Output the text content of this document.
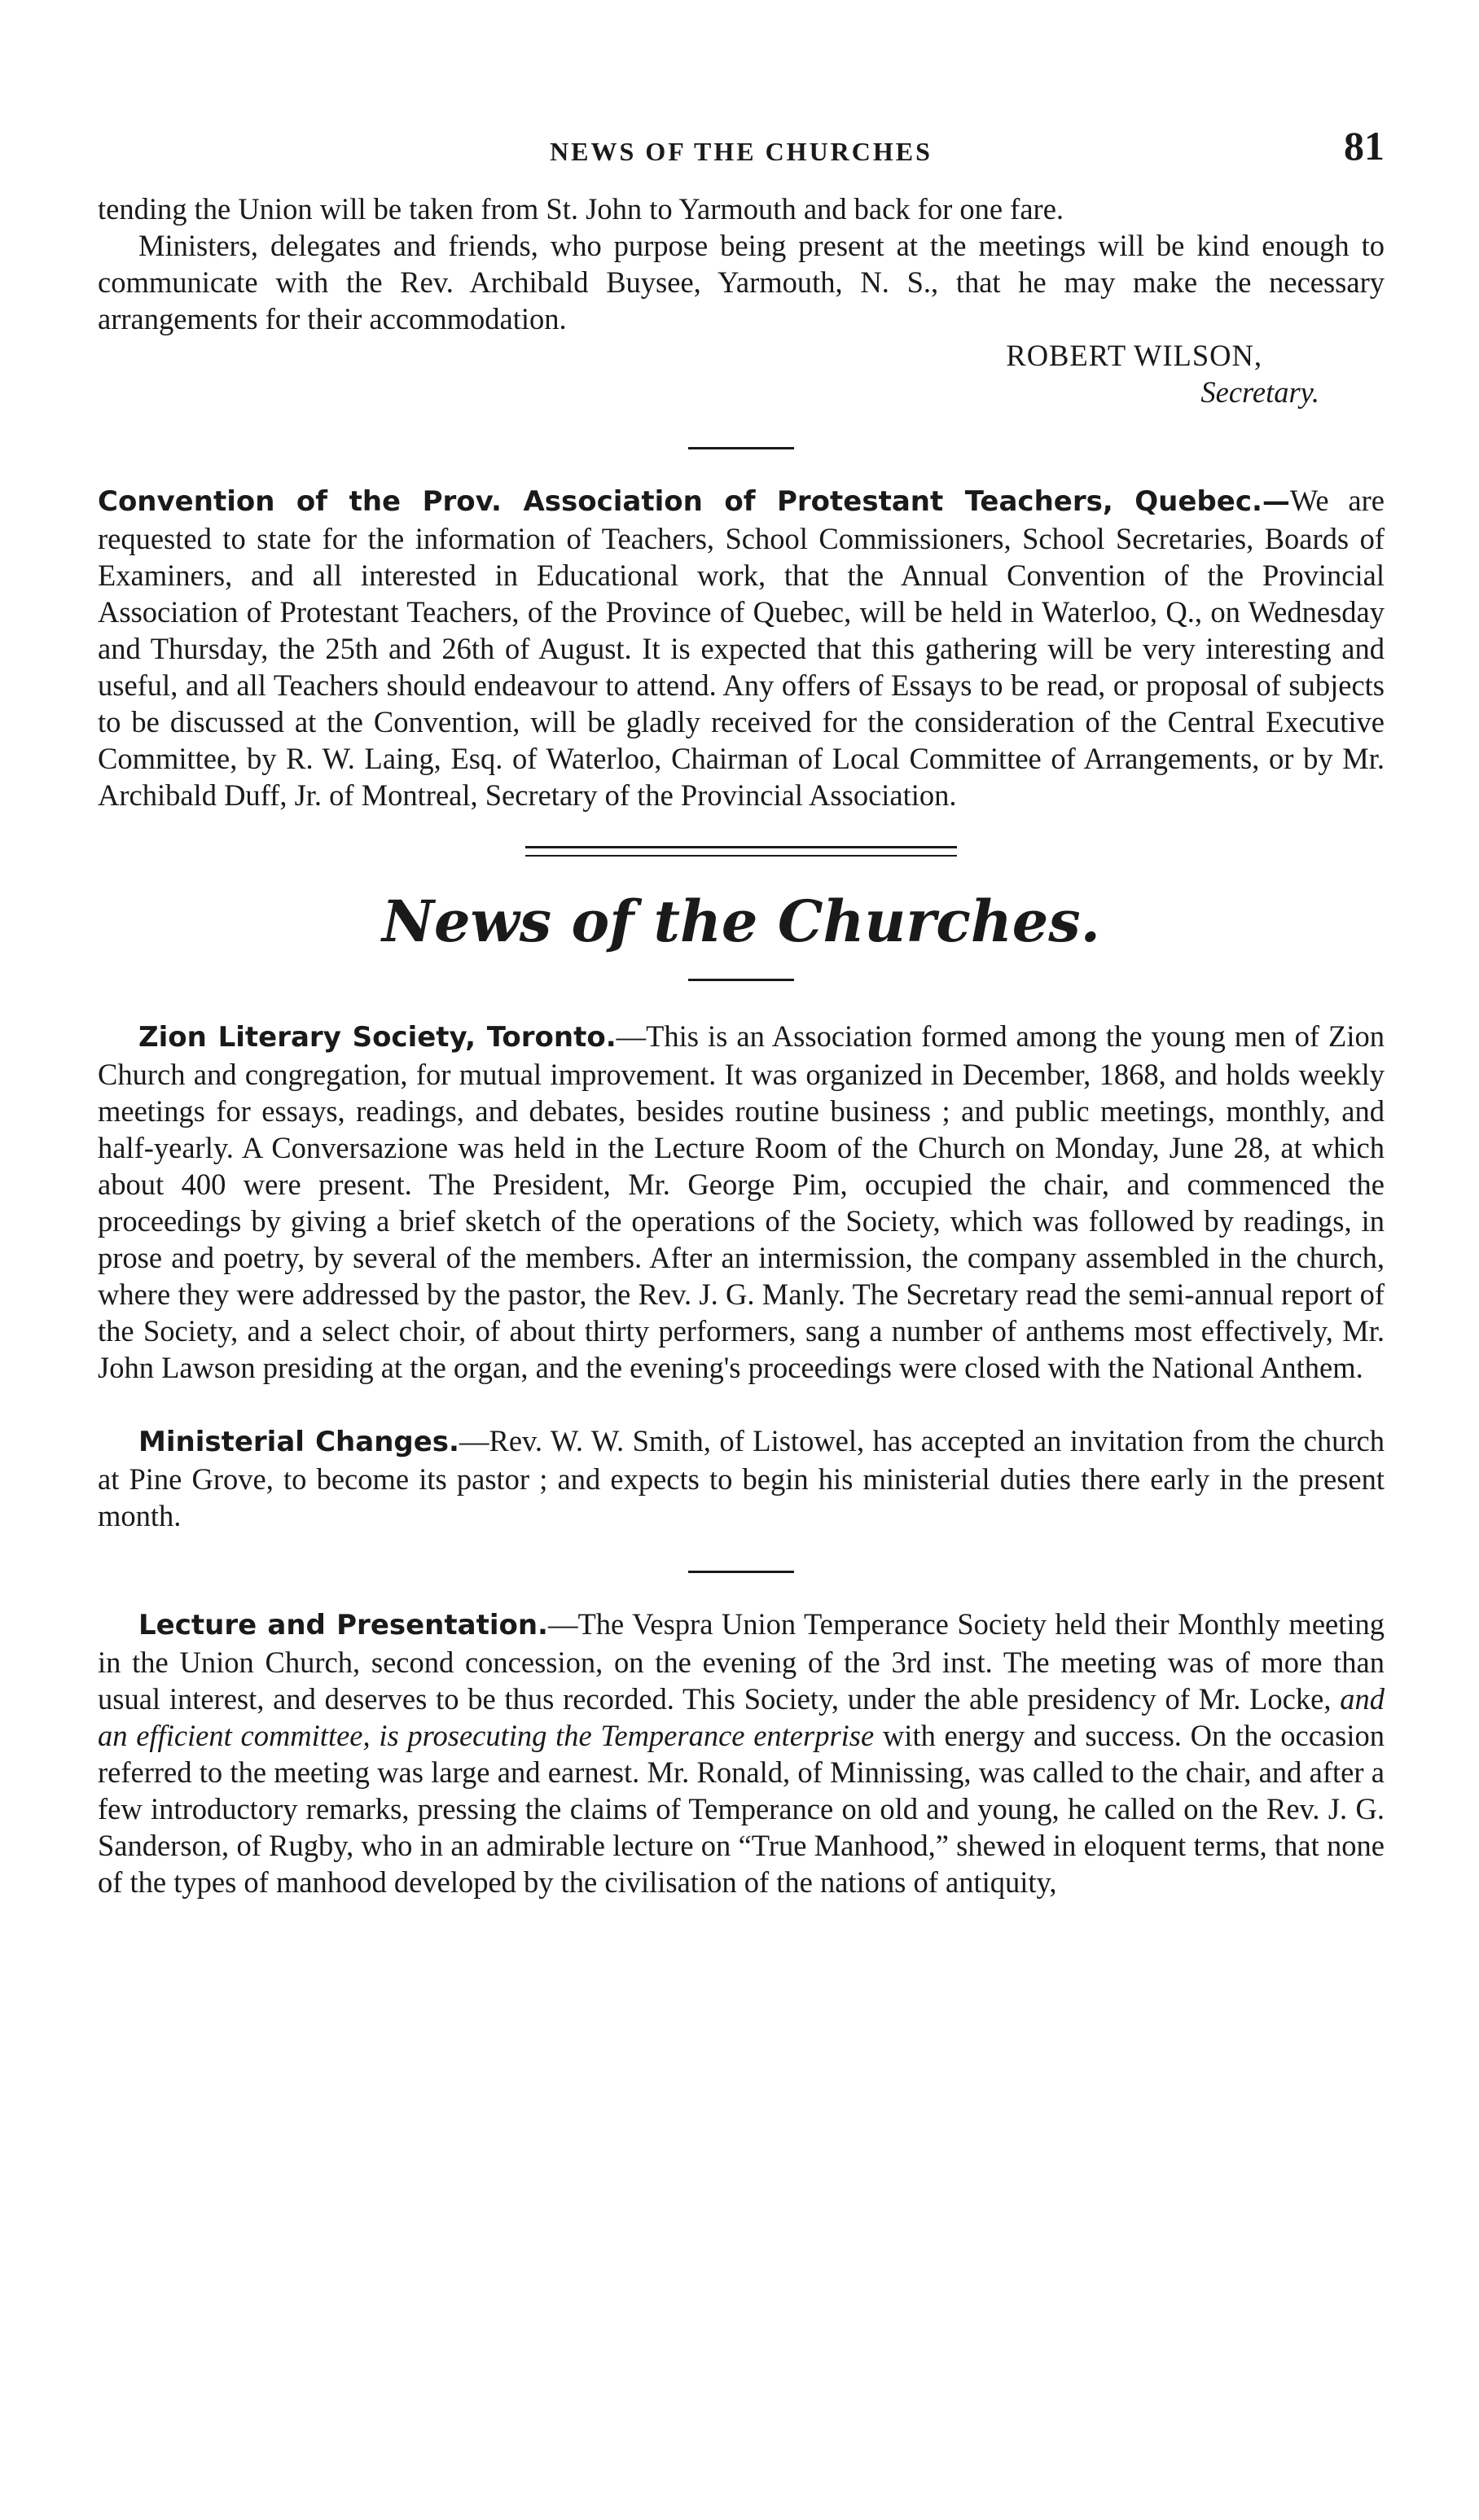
NEWS OF THE CHURCHES	81

tending the Union will be taken from St. John to Yarmouth and back for one fare.

Ministers, delegates and friends, who purpose being present at the meetings will be kind enough to communicate with the Rev. Archibald Buysee, Yarmouth, N. S., that he may make the necessary arrangements for their accommodation.

ROBERT WILSON,
Secretary.

Convention of the Prov. Association of Protestant Teachers, Quebec.—We are requested to state for the information of Teachers, School Commissioners, School Secretaries, Boards of Examiners, and all interested in Educational work, that the Annual Convention of the Provincial Association of Protestant Teachers, of the Province of Quebec, will be held in Waterloo, Q., on Wednesday and Thursday, the 25th and 26th of August. It is expected that this gathering will be very interesting and useful, and all Teachers should endeavour to attend. Any offers of Essays to be read, or proposal of subjects to be discussed at the Convention, will be gladly received for the consideration of the Central Executive Committee, by R. W. Laing, Esq. of Waterloo, Chairman of Local Committee of Arrangements, or by Mr. Archibald Duff, Jr. of Montreal, Secretary of the Provincial Association.

News of the Churches.

Zion Literary Society, Toronto.—This is an Association formed among the young men of Zion Church and congregation, for mutual improvement. It was organized in December, 1868, and holds weekly meetings for essays, readings, and debates, besides routine business ; and public meetings, monthly, and half-yearly. A Conversazione was held in the Lecture Room of the Church on Monday, June 28, at which about 400 were present. The President, Mr. George Pim, occupied the chair, and commenced the proceedings by giving a brief sketch of the operations of the Society, which was followed by readings, in prose and poetry, by several of the members. After an intermission, the company assembled in the church, where they were addressed by the pastor, the Rev. J. G. Manly. The Secretary read the semi-annual report of the Society, and a select choir, of about thirty performers, sang a number of anthems most effectively, Mr. John Lawson presiding at the organ, and the evening's proceedings were closed with the National Anthem.

Ministerial Changes.—Rev. W. W. Smith, of Listowel, has accepted an invitation from the church at Pine Grove, to become its pastor ; and expects to begin his ministerial duties there early in the present month.

Lecture and Presentation.—The Vespra Union Temperance Society held their Monthly meeting in the Union Church, second concession, on the evening of the 3rd inst. The meeting was of more than usual interest, and deserves to be thus recorded. This Society, under the able presidency of Mr. Locke, and an efficient committee, is prosecuting the Temperance enterprise with energy and success. On the occasion referred to the meeting was large and earnest. Mr. Ronald, of Minnissing, was called to the chair, and after a few introductory remarks, pressing the claims of Temperance on old and young, he called on the Rev. J. G. Sanderson, of Rugby, who in an admirable lecture on “True Manhood,” shewed in eloquent terms, that none of the types of manhood developed by the civilisation of the nations of antiquity,
